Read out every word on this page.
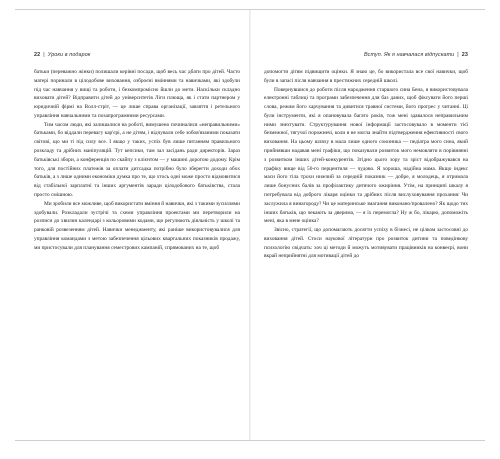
22 | Уроки в подарок

батьки (переважно жінки) полишали керівні посади, щоб весь час дбати про дітей. Часто матері поринали в цілодобове виховання, озброєні вміннями та навичками, які здобули під час навчання у вищі та роботи, і безкомпромісно йшли до мети. Наскільки складно виховати дітей? Відправити дітей до університетів Ліги плюща, як і стати партнером у юридичній фірмі на Волл-стріт, — це лише справа організації, завзяття і ретельного управління навчальними та позапрограмними ресурсами.

Тим часом люди, які залишалися на роботі, вимушено починалися «неправильними» батьками, бо віддали перевагу кар'єрі, а не дітям, і відчували себе зобов'язаними показати світові, що ми ті під силу все. І якщо у таких, успіх був лише питанням правильного розкладу та дрібних маніпуляцій. Тут кепсики, там зал засідань ради директорів. Зараз батьківські збори, а конференція по скайпу з клієнтом — у машині дорогою додому. Крім того, для постійних платежів за оплати дитсадка потрібно було зберегти доходи обох батьків, а з лише одними економіки думка про те, що хтось одні може просто відмовитися від стабільної зарплатні та інших аргументів заради цілодобового батьківства, стала просто смішною.

Ми зробили все можливе, щоб використати вміння й навички, які з такими зусиллями здобували. Розкладали зустрічі та схеми управління проектами ми перетворили на розписи до хвилин календарі з кольоровими кодами, що регулюють діяльність у школі та ранковій розвезенням дітей. Навички менеджменту, які раніше використовувалися для управління командами з метою забезпечення цільових квартальних показників продажу, ми пристосували для планування семестрових кампаній, спрямованих на те, щоб

Вступ. Як я навчалася відпускати | 23

допомогти дітям підвищити оцінки. Я знаю це, бо використала все свої навички, щоб були в запасі після навчання в престижних середній школі.

Повернувшися до роботи після народження старшого сина Бена, я використовувала електронні таблиці та програми забезпечення для баз даних, щоб фіксувати його перші слова, режим його харчування та дивитися травної системи, його прогрес у читанні. Ці були інструменти, які я опановувала багато років, тож мені здавалося неправильним ними знехтувати. Структурування нової інформації застосовувало в моменти тієї безмежної, тягучої порожнечі, коли я не могла знайти підтвердження ефективності свого виховання. На цьому шляху в мала лише одного союзника — педіатра мого сина, який прийнявши надавав мені графіки, що показували розвиток мого немовляти в порівнянні з розвитком інших дітей-конкурентів. Згідно цього зору та зріст відображувався на графіку вище від 50-го перцентиля — чудово. Я хороша, надійна мама. Якщо індекс маси його тіла трохи нижчий за середній показник — добре, я молодець, я отримала лише бонусних балів за профілактику дитячого ожиріння. Утім, на принципі шкалу я потребувала від доброго лікаря оцінки та дрібних після вислуховування прохання: Чи заслужила я винагороду? Чи це материнське змагання виконано/провалено? Як щодо тих інших батьків, що чекають за дверима, — я їх перемогла? Ну ж бо, лікарю, допоможіть мені, яка в мене оцінка?

Звісно, стратегії, що допомагають досягти успіху в бізнесі, не цілком застосовні до виховання дітей. Стоси наукової літератури про розвиток дитини та поведінкову психологію свідчать: хоч ці методи й можуть мотивувати працівників на конвеєрі, вони вкрай неприйнятні для мотивації дітей до
